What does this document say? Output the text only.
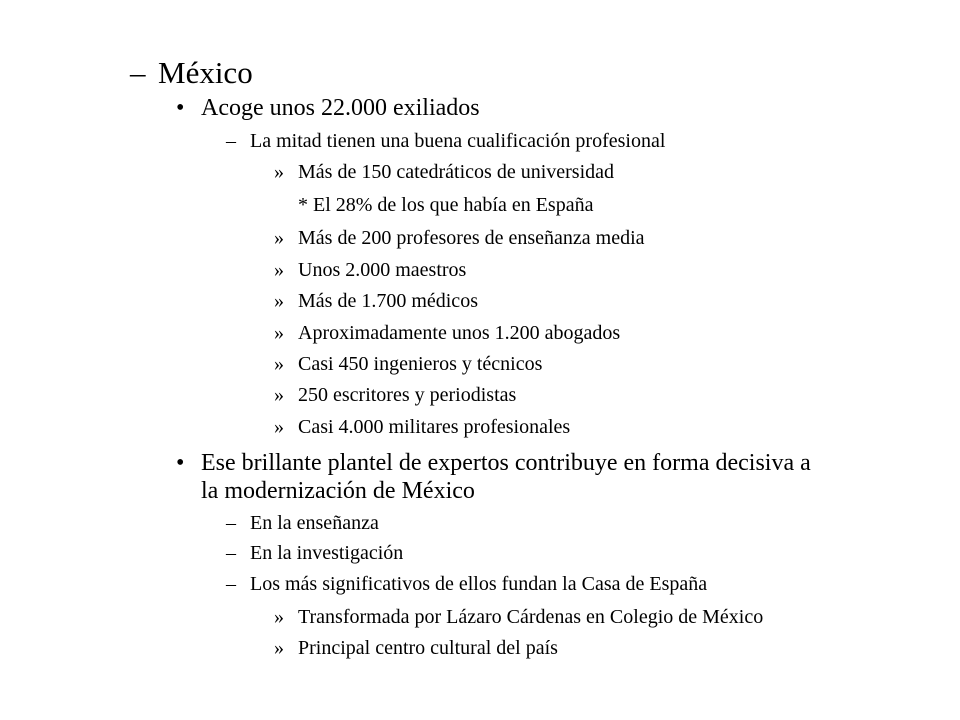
– México
• Acoge unos 22.000 exiliados
– La mitad tienen una buena cualificación profesional
» Más de 150 catedráticos de universidad
* El 28% de los que había en España
» Más de 200 profesores de enseñanza media
» Unos 2.000 maestros
» Más de 1.700 médicos
» Aproximadamente unos 1.200 abogados
» Casi 450 ingenieros y técnicos
» 250 escritores y periodistas
» Casi 4.000 militares profesionales
• Ese brillante plantel de expertos contribuye en forma decisiva a
la modernización de México
– En la enseñanza
– En la investigación
– Los más significativos de ellos fundan la Casa de España
» Transformada por Lázaro Cárdenas en Colegio de México
» Principal centro cultural del país
